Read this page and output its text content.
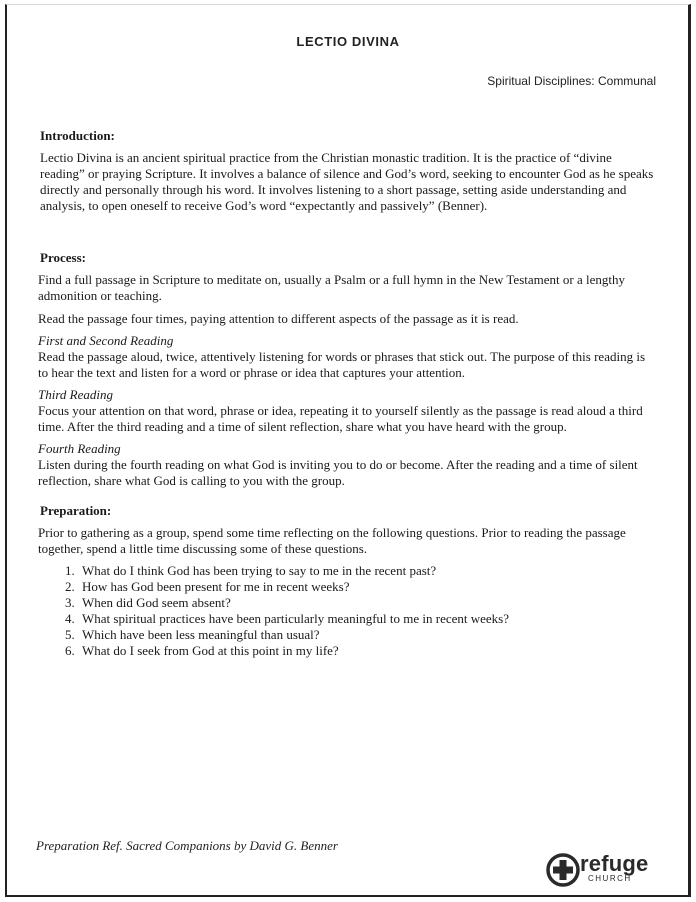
LECTIO DIVINA
Spiritual Disciplines: Communal
Introduction:

Lectio Divina is an ancient spiritual practice from the Christian monastic tradition. It is the practice of “divine reading” or praying Scripture. It involves a balance of silence and God’s word, seeking to encounter God as he speaks directly and personally through his word. It involves listening to a short passage, setting aside understanding and analysis, to open oneself to receive God’s word “expectantly and passively” (Benner).

Process:

Find a full passage in Scripture to meditate on, usually a Psalm or a full hymn in the New Testament or a lengthy admonition or teaching.

Read the passage four times, paying attention to different aspects of the passage as it is read.

First and Second Reading

Read the passage aloud, twice, attentively listening for words or phrases that stick out. The purpose of this reading is to hear the text and listen for a word or phrase or idea that captures your attention.

Third Reading

Focus your attention on that word, phrase or idea, repeating it to yourself silently as the passage is read aloud a third time. After the third reading and a time of silent reflection, share what you have heard with the group.

Fourth Reading

Listen during the fourth reading on what God is inviting you to do or become. After the reading and a time of silent reflection, share what God is calling to you with the group.

Preparation:

Prior to gathering as a group, spend some time reflecting on the following questions. Prior to reading the passage together, spend a little time discussing some of these questions.

1. What do I think God has been trying to say to me in the recent past?
2. How has God been present for me in recent weeks?
3. When did God seem absent?
4. What spiritual practices have been particularly meaningful to me in recent weeks?
5. Which have been less meaningful than usual?
6. What do I seek from God at this point in my life?
Preparation Ref. Sacred Companions by David G. Benner
refuge
CHURCH
